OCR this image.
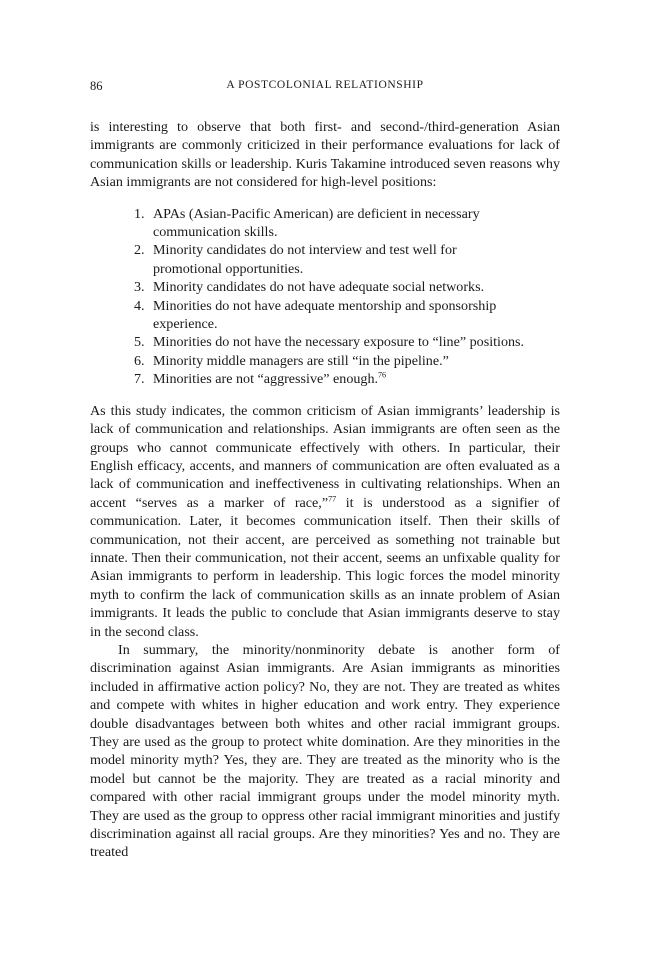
86	A POSTCOLONIAL RELATIONSHIP

is interesting to observe that both first- and second-/third-generation Asian immigrants are commonly criticized in their performance evaluations for lack of communication skills or leadership. Kuris Takamine introduced seven reasons why Asian immigrants are not considered for high-level positions:

1. APAs (Asian-Pacific American) are deficient in necessary communication skills.
2. Minority candidates do not interview and test well for promotional opportunities.
3. Minority candidates do not have adequate social networks.
4. Minorities do not have adequate mentorship and sponsorship experience.
5. Minorities do not have the necessary exposure to “line” positions.
6. Minority middle managers are still “in the pipeline.”
7. Minorities are not “aggressive” enough.$^{76}$

As this study indicates, the common criticism of Asian immigrants’ leadership is lack of communication and relationships. Asian immigrants are often seen as the groups who cannot communicate effectively with others. In particular, their English efficacy, accents, and manners of communication are often evaluated as a lack of communication and ineffectiveness in cultivating relationships. When an accent “serves as a marker of race,”$^{77}$ it is understood as a signifier of communication. Later, it becomes communication itself. Then their skills of communication, not their accent, are perceived as something not trainable but innate. Then their communication, not their accent, seems an unfixable quality for Asian immigrants to perform in leadership. This logic forces the model minority myth to confirm the lack of communication skills as an innate problem of Asian immigrants. It leads the public to conclude that Asian immigrants deserve to stay in the second class.

In summary, the minority/nonminority debate is another form of discrimination against Asian immigrants. Are Asian immigrants as minorities included in affirmative action policy? No, they are not. They are treated as whites and compete with whites in higher education and work entry. They experience double disadvantages between both whites and other racial immigrant groups. They are used as the group to protect white domination. Are they minorities in the model minority myth? Yes, they are. They are treated as the minority who is the model but cannot be the majority. They are treated as a racial minority and compared with other racial immigrant groups under the model minority myth. They are used as the group to oppress other racial immigrant minorities and justify discrimination against all racial groups. Are they minorities? Yes and no. They are treated
